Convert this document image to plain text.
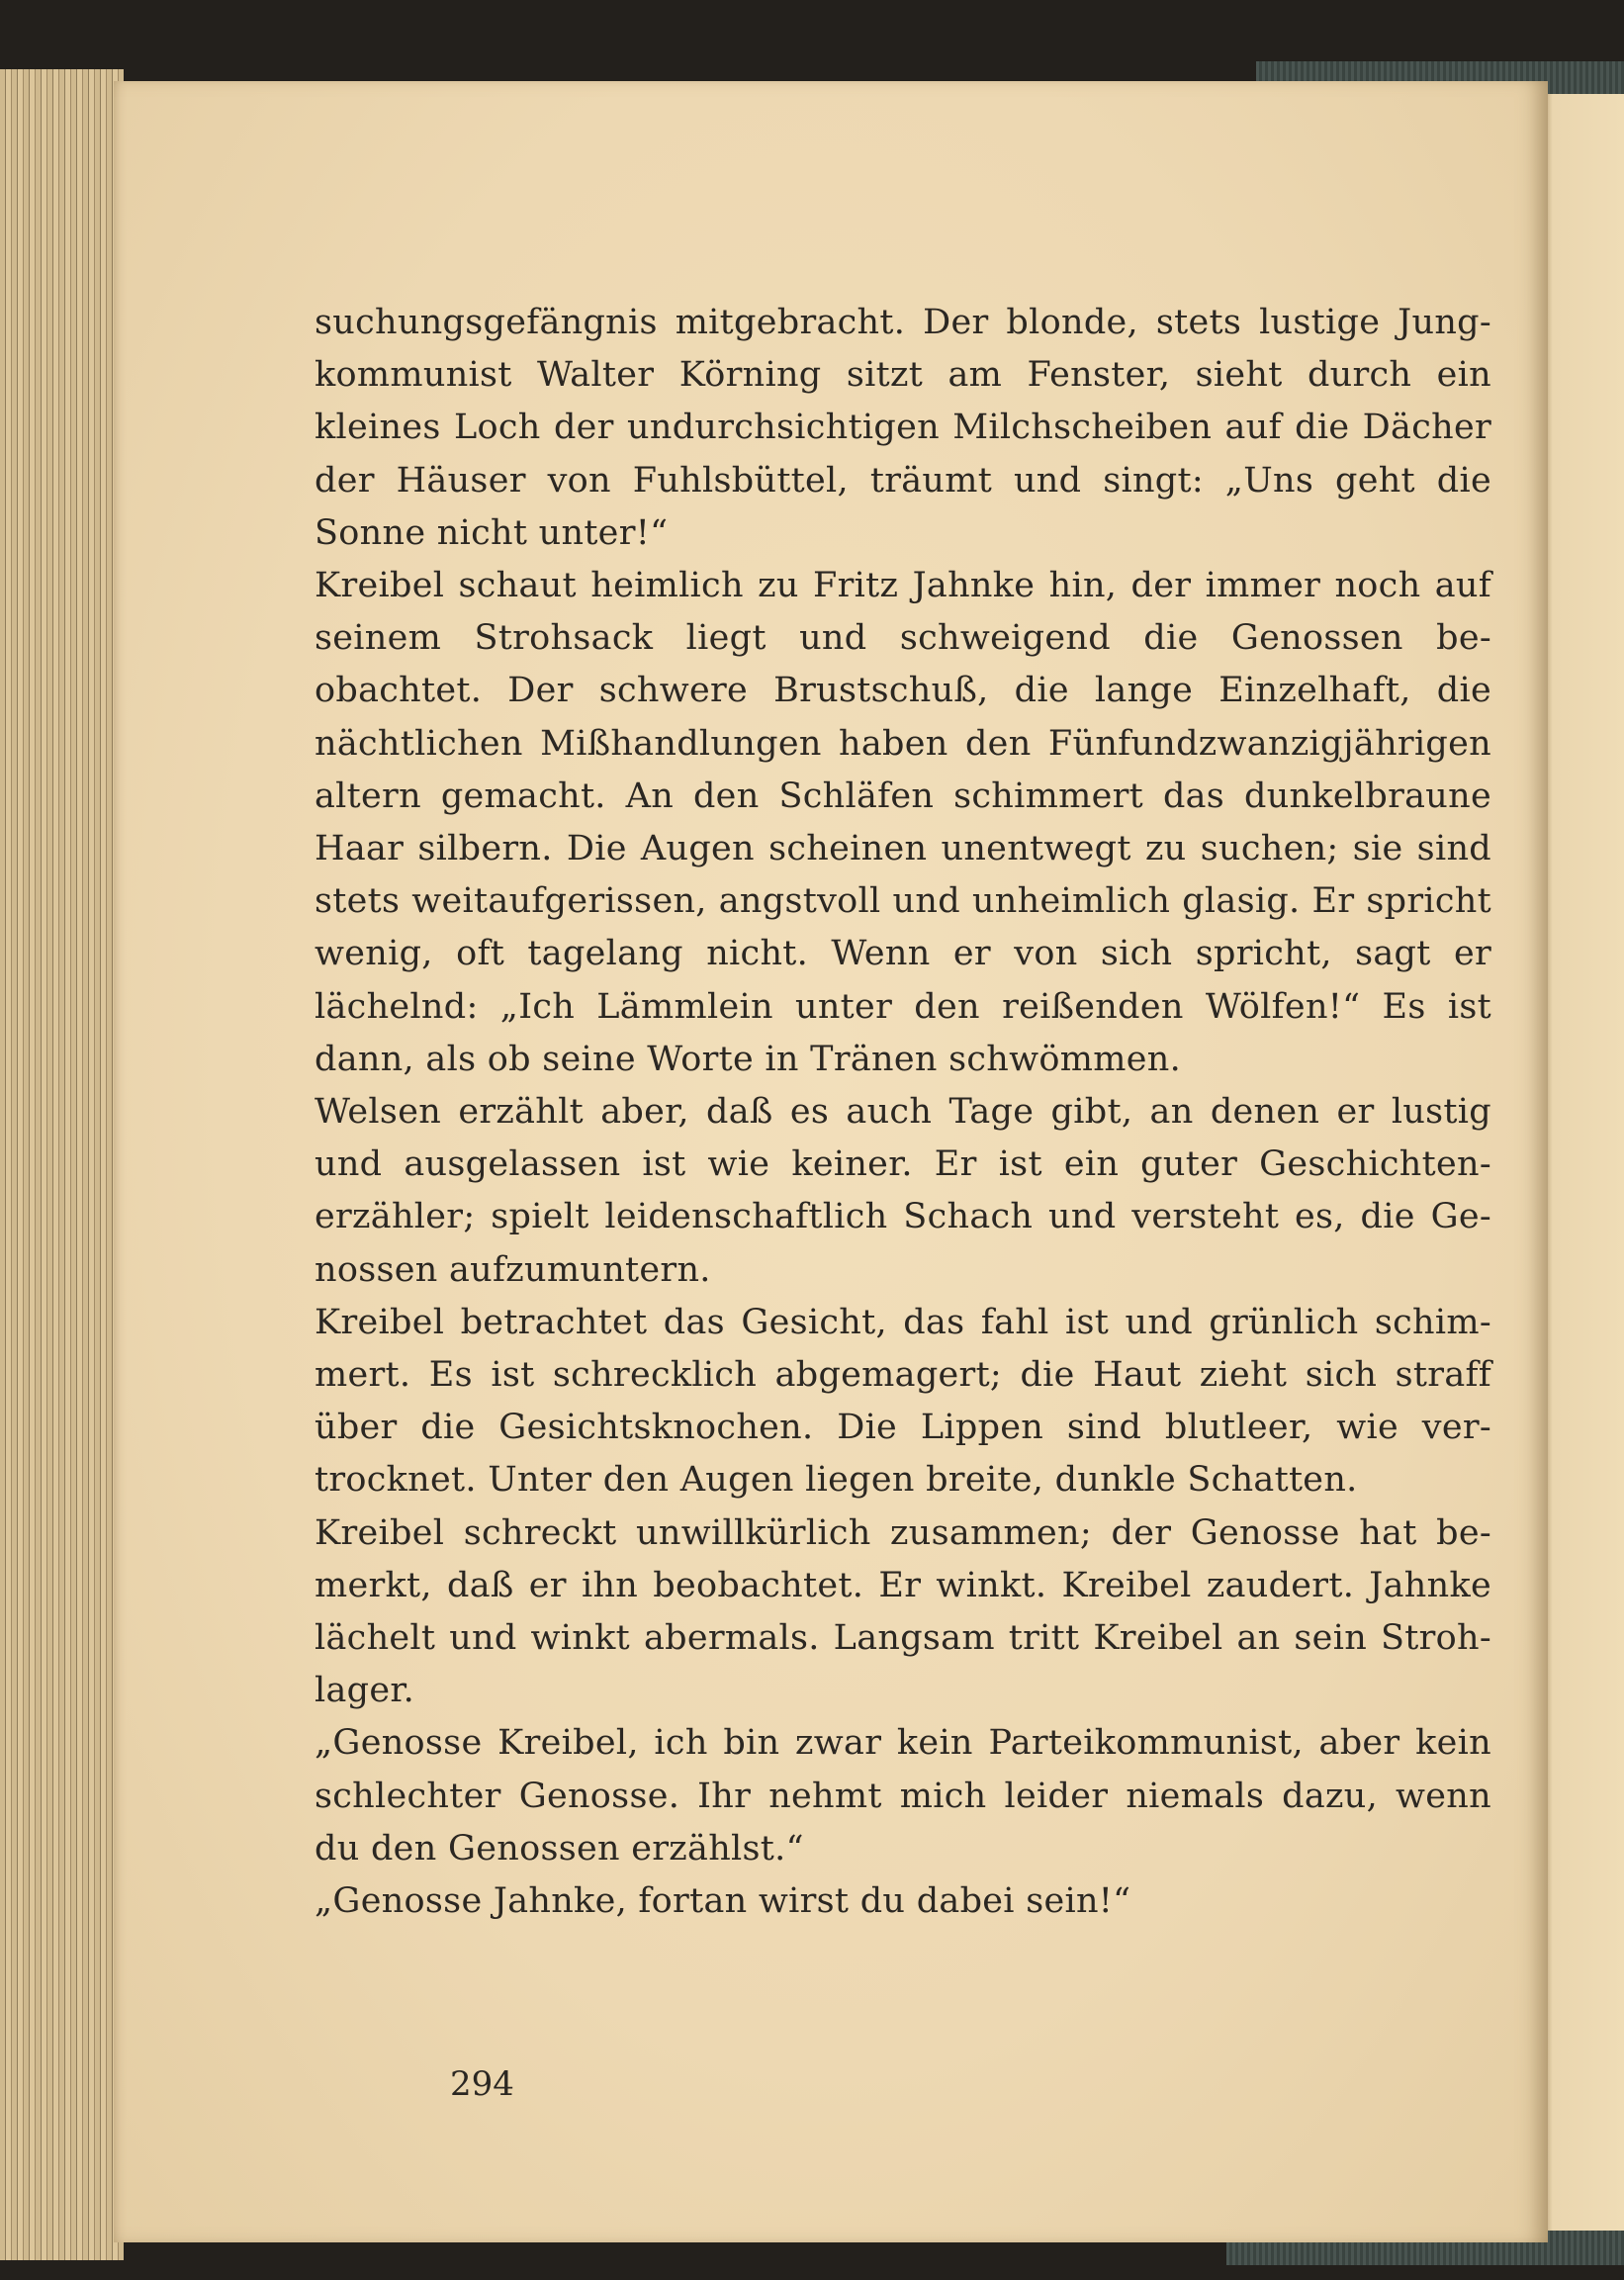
suchungsgefängnis mitgebracht. Der blonde, stets lustige Jung-
kommunist Walter Körning sitzt am Fenster, sieht durch ein
kleines Loch der undurchsichtigen Milchscheiben auf die Dächer
der Häuser von Fuhlsbüttel, träumt und singt: „Uns geht die
Sonne nicht unter!“
Kreibel schaut heimlich zu Fritz Jahnke hin, der immer noch auf
seinem Strohsack liegt und schweigend die Genossen be-
obachtet. Der schwere Brustschuß, die lange Einzelhaft, die
nächtlichen Mißhandlungen haben den Fünfundzwanzigjährigen
altern gemacht. An den Schläfen schimmert das dunkelbraune
Haar silbern. Die Augen scheinen unentwegt zu suchen; sie sind
stets weitaufgerissen, angstvoll und unheimlich glasig. Er spricht
wenig, oft tagelang nicht. Wenn er von sich spricht, sagt er
lächelnd: „Ich Lämmlein unter den reißenden Wölfen!“ Es ist
dann, als ob seine Worte in Tränen schwömmen.
Welsen erzählt aber, daß es auch Tage gibt, an denen er lustig
und ausgelassen ist wie keiner. Er ist ein guter Geschichten-
erzähler; spielt leidenschaftlich Schach und versteht es, die Ge-
nossen aufzumuntern.
Kreibel betrachtet das Gesicht, das fahl ist und grünlich schim-
mert. Es ist schrecklich abgemagert; die Haut zieht sich straff
über die Gesichtsknochen. Die Lippen sind blutleer, wie ver-
trocknet. Unter den Augen liegen breite, dunkle Schatten.
Kreibel schreckt unwillkürlich zusammen; der Genosse hat be-
merkt, daß er ihn beobachtet. Er winkt. Kreibel zaudert. Jahnke
lächelt und winkt abermals. Langsam tritt Kreibel an sein Stroh-
lager.
„Genosse Kreibel, ich bin zwar kein Parteikommunist, aber kein
schlechter Genosse. Ihr nehmt mich leider niemals dazu, wenn
du den Genossen erzählst.“
„Genosse Jahnke, fortan wirst du dabei sein!“
294
